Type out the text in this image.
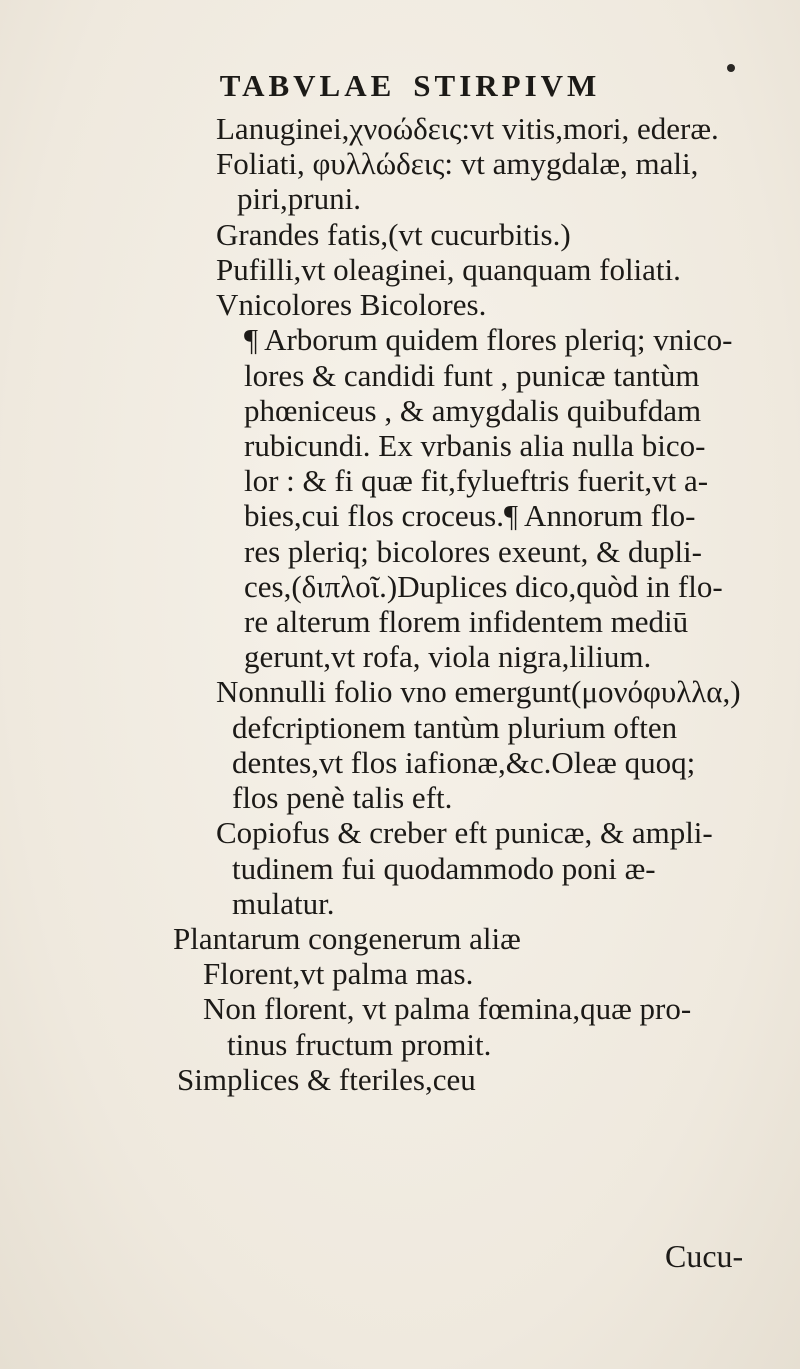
TABVLAE STIRPIVM
Lanuginei,χνοώδεις:vt vitis,mori, ederæ.
Foliati, φυλλώδεις: vt amygdalæ, mali,
piri,pruni.
Grandes fatis,(vt cucurbitis.)
Pufilli,vt oleaginei, quanquam foliati.
Vnicolores Bicolores.
¶ Arborum quidem flores pleriq; vnico-
lores & candidi funt , punicæ tantùm
phœniceus , & amygdalis quibufdam
rubicundi. Ex vrbanis alia nulla bico-
lor : & fi quæ fit,fylueftris fuerit,vt a-
bies,cui flos croceus.¶ Annorum flo-
res pleriq; bicolores exeunt, & dupli-
ces,(διπλοῖ.)Duplices dico,quòd in flo-
re alterum florem infidentem mediū
gerunt,vt rofa, viola nigra,lilium.
Nonnulli folio vno emergunt(μονόφυλλα,)
defcriptionem tantùm plurium often
dentes,vt flos iafionæ,&c.Oleæ quoq;
flos penè talis eft.
Copiofus & creber eft punicæ, & ampli-
tudinem fui quodammodo poni æ-
mulatur.
Plantarum congenerum aliæ
Florent,vt palma mas.
Non florent, vt palma fœmina,quæ pro-
tinus fructum promit.
Simplices & fteriles,ceu
Cucu-
